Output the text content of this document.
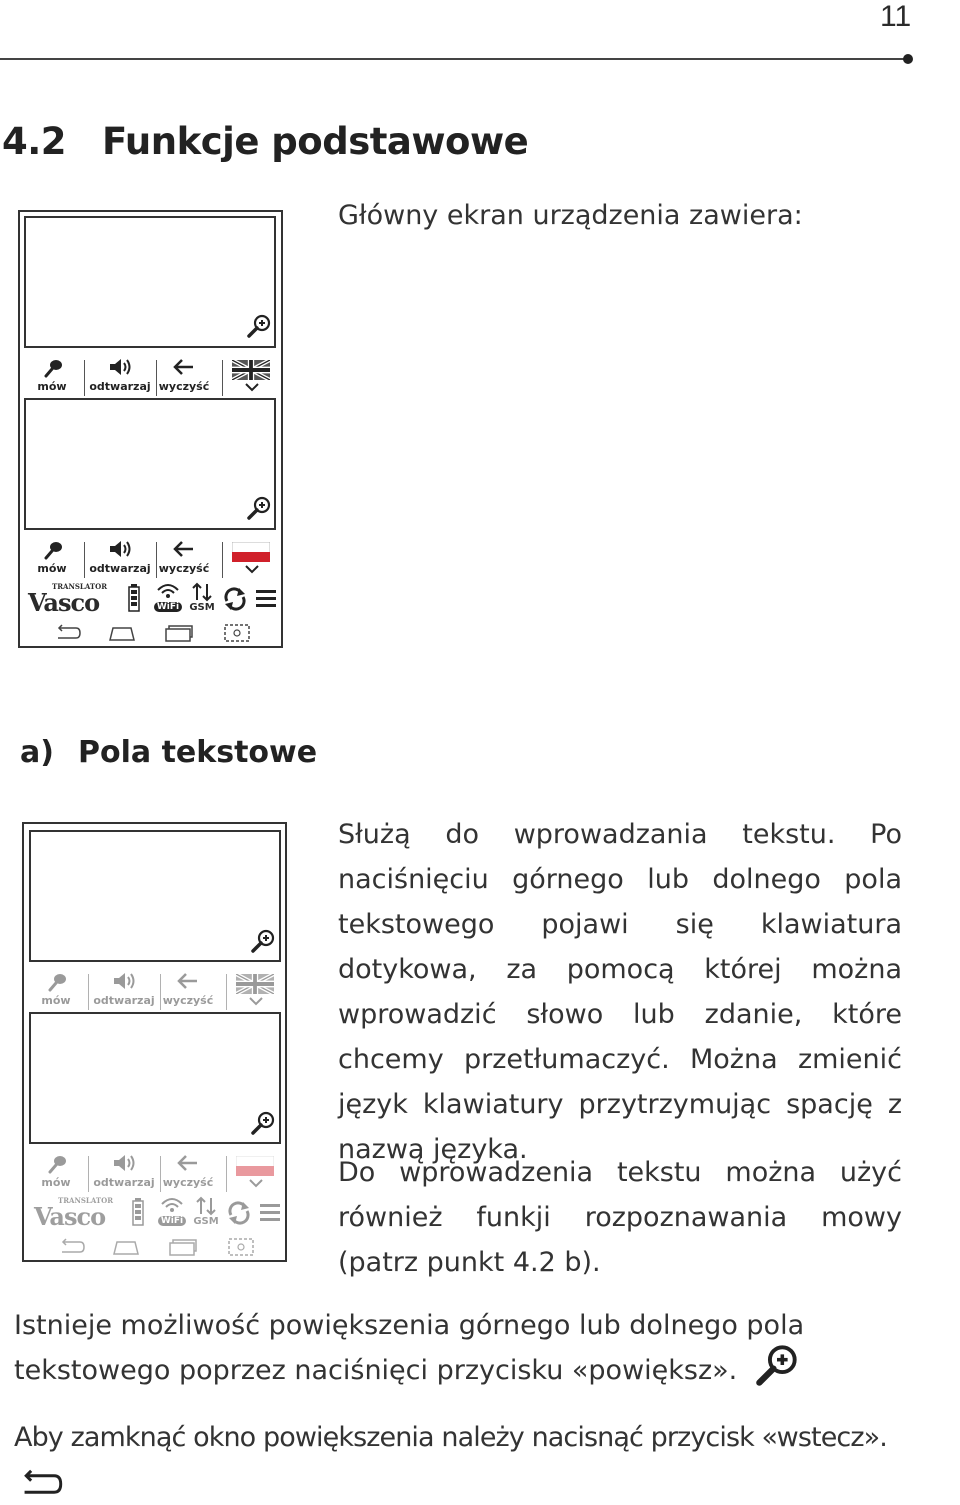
11
4.2 Funkcje podstawowe
Główny ekran urządzenia zawiera:
mów	odtwarzaj wyczyść
mów	odtwarzaj wyczyść
TRANSLATOR
Vasco	WiFi GSM
a) Pola tekstowe
mów	odtwarzaj wyczyść
mów	odtwarzaj wyczyść
TRANSLATOR
Vasco	WiFi GSM
Służą do wprowadzania tekstu. Po naciśnięciu górnego lub dolnego pola tekstowego pojawi się klawiatura dotykowa, za pomocą której można wprowadzić słowo lub zdanie, które chcemy przetłumaczyć. Można zmienić język klawiatury przytrzymując spację z nazwą języka.
Do wprowadzenia tekstu można użyć również funkji rozpoznawania mowy (patrz punkt 4.2 b).
Istnieje możliwość powiększenia górnego lub dolnego pola tekstowego poprzez naciśnięci przycisku «powiększ».
Aby zamknąć okno powiększenia należy nacisnąć przycisk «wstecz».
